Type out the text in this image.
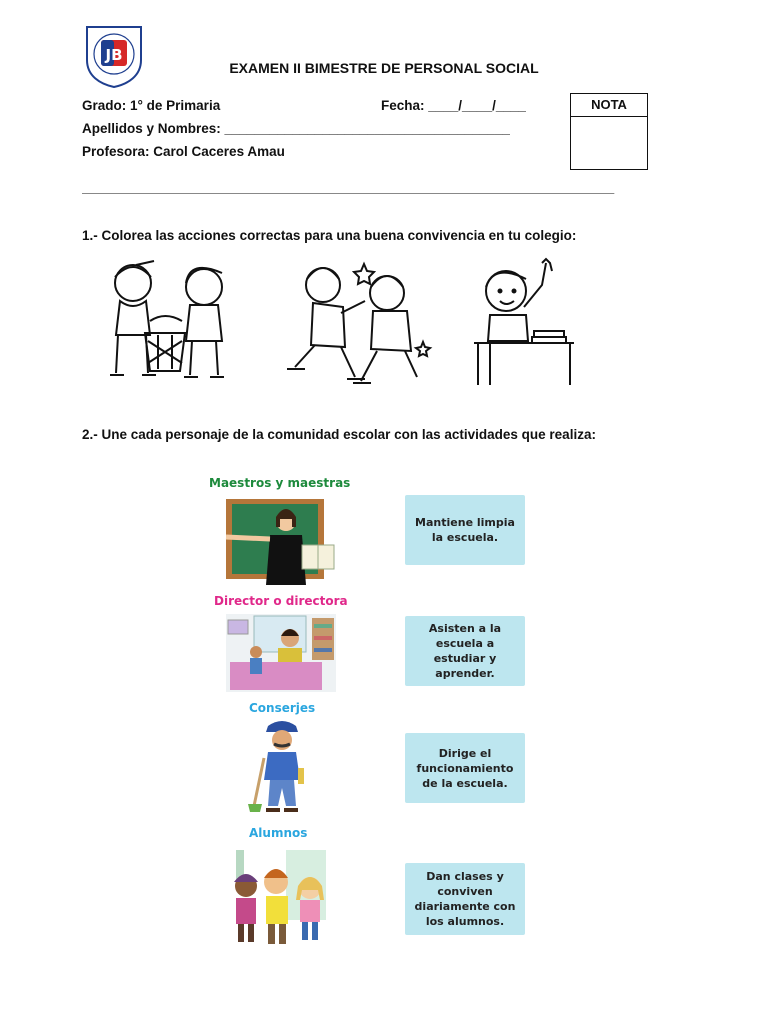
JB
EXAMEN II BIMESTRE DE PERSONAL SOCIAL
Grado: 1° de Primaria	Fecha: ____/____/____
Apellidos y Nombres: ______________________________________
Profesora: Carol Caceres Amau
NOTA
_______________________________________________________________________________
1.- Colorea las acciones correctas para una buena convivencia en tu colegio:
2.- Une cada personaje de la comunidad escolar con las actividades que realiza:
Maestros y maestras
Director o directora
Conserjes
Alumnos
Mantiene limpia la escuela.
Asisten a la escuela a estudiar y aprender.
Dirige el funcionamiento de la escuela.
Dan clases y conviven diariamente con los alumnos.
